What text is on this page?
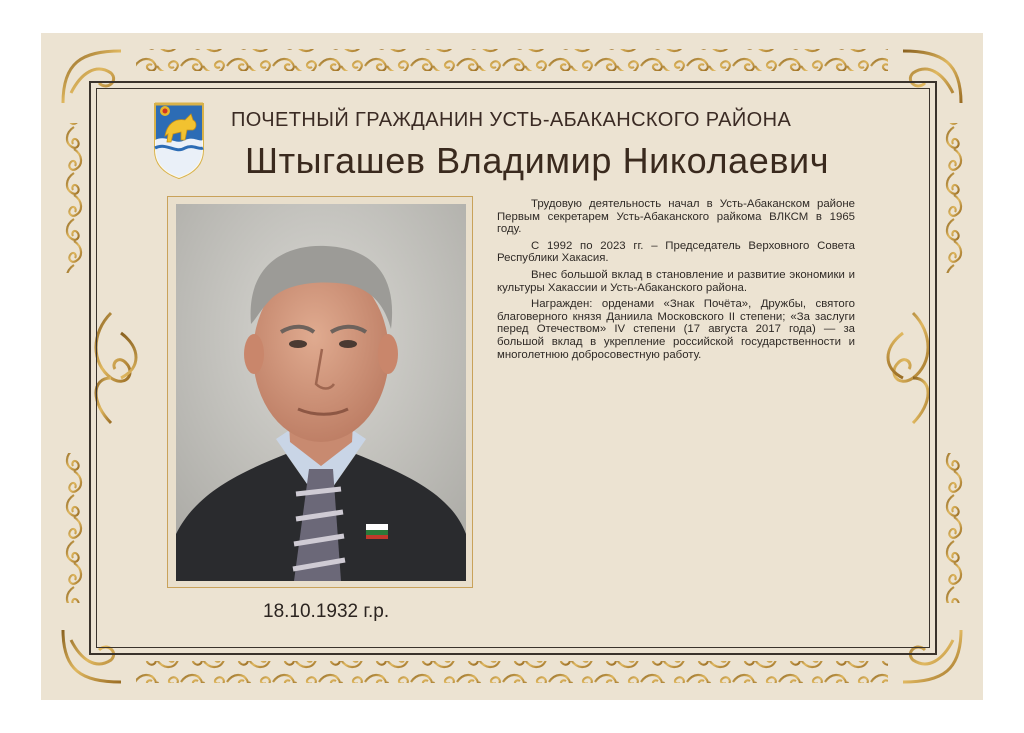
ПОЧЕТНЫЙ ГРАЖДАНИН УСТЬ-АБАКАНСКОГО РАЙОНА
Штыгашев Владимир Николаевич
18.10.1932 г.р.

Трудовую деятельность начал в Усть-Абаканском районе Первым секретарем Усть-Абаканского райкома ВЛКСМ в 1965 году.

С 1992 по 2023 гг. – Председатель Верховного Совета Республики Хакасия.

Внес большой вклад в становление и развитие экономики и культуры Хакассии и Усть-Абаканского района.

Награжден: орденами «Знак Почёта», Дружбы, святого благоверного князя Даниила Московского II степени; «За заслуги перед Отечеством» IV степени (17 августа 2017 года) — за большой вклад в укрепление российской государственности и многолетнюю добросовестную работу.
